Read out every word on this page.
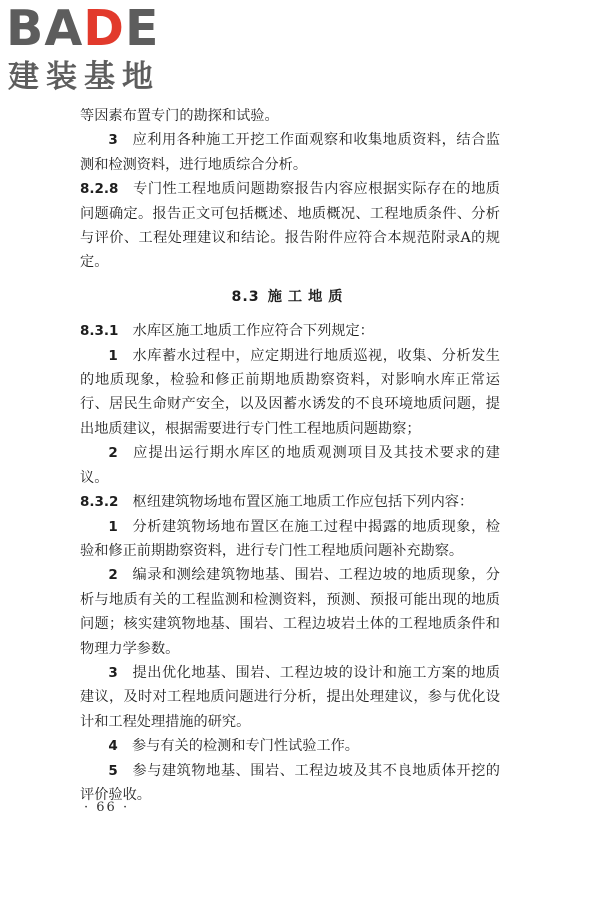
BADE
建装基地

等因素布置专门的勘探和试验。

3   应利用各种施工开挖工作面观察和收集地质资料，结合监测和检测资料，进行地质综合分析。

8.2.8   专门性工程地质问题勘察报告内容应根据实际存在的地质问题确定。报告正文可包括概述、地质概况、工程地质条件、分析与评价、工程处理建议和结论。报告附件应符合本规范附录A的规定。

8.3 施工地质

8.3.1   水库区施工地质工作应符合下列规定：

1   水库蓄水过程中，应定期进行地质巡视，收集、分析发生的地质现象，检验和修正前期地质勘察资料，对影响水库正常运行、居民生命财产安全，以及因蓄水诱发的不良环境地质问题，提出地质建议，根据需要进行专门性工程地质问题勘察；

2   应提出运行期水库区的地质观测项目及其技术要求的建议。

8.3.2   枢纽建筑物场地布置区施工地质工作应包括下列内容：

1   分析建筑物场地布置区在施工过程中揭露的地质现象，检验和修正前期勘察资料，进行专门性工程地质问题补充勘察。

2   编录和测绘建筑物地基、围岩、工程边坡的地质现象，分析与地质有关的工程监测和检测资料，预测、预报可能出现的地质问题；核实建筑物地基、围岩、工程边坡岩土体的工程地质条件和物理力学参数。

3   提出优化地基、围岩、工程边坡的设计和施工方案的地质建议，及时对工程地质问题进行分析，提出处理建议，参与优化设计和工程处理措施的研究。

4   参与有关的检测和专门性试验工作。

5   参与建筑物地基、围岩、工程边坡及其不良地质体开挖的评价验收。

· 66 ·
